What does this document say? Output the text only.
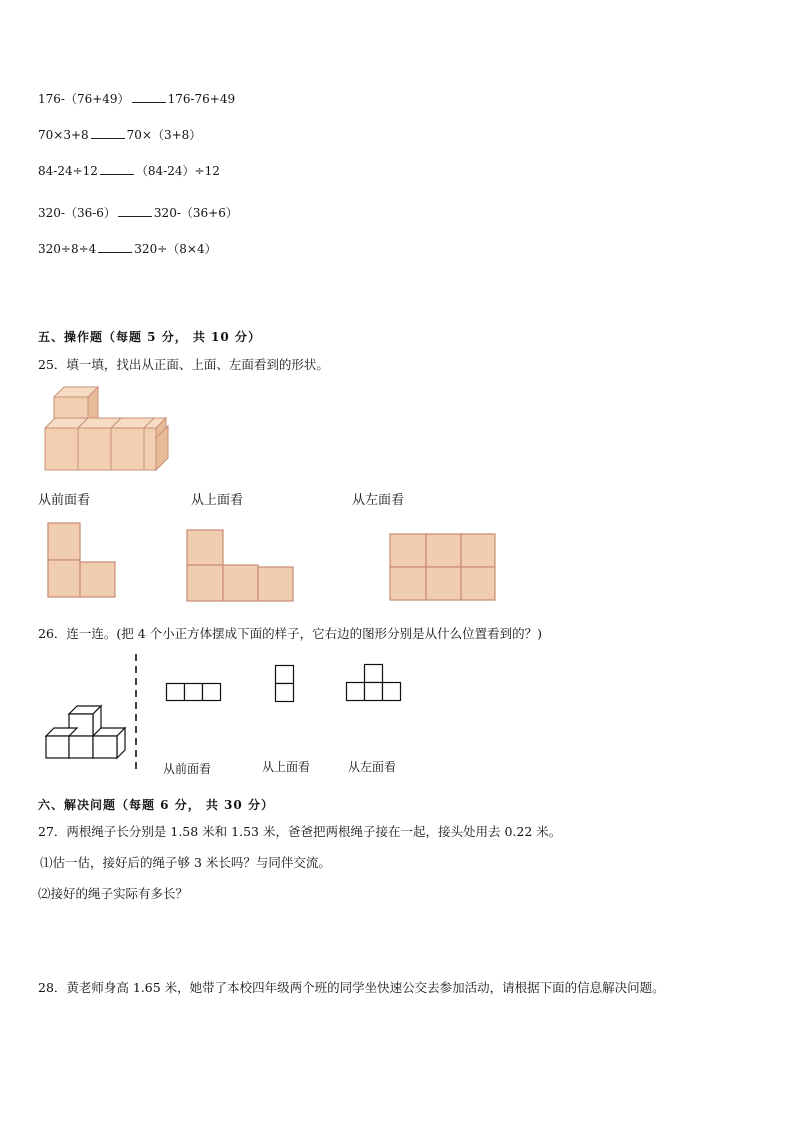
176-（76+49）	176-76+49
70×3+8	70×（3+8）
84-24÷12	（84-24）÷12
320-（36-6）	320-（36+6）
320÷8÷4	320÷（8×4）
五、操作题（每题 5 分， 共 10 分）
25．填一填，找出从正面、上面、左面看到的形状。
从前面看	从上面看	从左面看
26．连一连。(把 4 个小正方体摆成下面的样子，它右边的图形分别是从什么位置看到的？)
从前面看	从上面看	从左面看
六、解决问题（每题 6 分， 共 30 分）
27．两根绳子长分别是 1.58 米和 1.53 米，爸爸把两根绳子接在一起，接头处用去 0.22 米。
⑴估一估，接好后的绳子够 3 米长吗？与同伴交流。
⑵接好的绳子实际有多长？
28．黄老师身高 1.65 米，她带了本校四年级两个班的同学坐快速公交去参加活动，请根据下面的信息解决问题。
